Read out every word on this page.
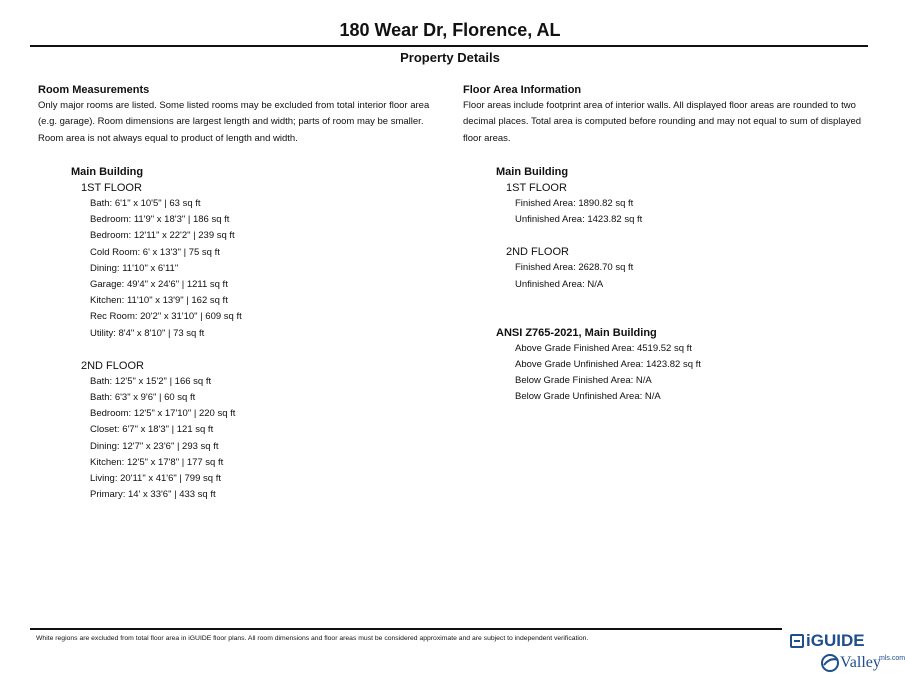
180 Wear Dr, Florence, AL
Property Details
Room Measurements
Only major rooms are listed. Some listed rooms may be excluded from total interior floor area
(e.g. garage). Room dimensions are largest length and width; parts of room may be smaller.
Room area is not always equal to product of length and width.
Main Building
1ST FLOOR
Bath: 6'1" x 10'5" | 63 sq ft
Bedroom: 11'9" x 18'3" | 186 sq ft
Bedroom: 12'11" x 22'2" | 239 sq ft
Cold Room: 6' x 13'3" | 75 sq ft
Dining: 11'10" x 6'11"
Garage: 49'4" x 24'6" | 1211 sq ft
Kitchen: 11'10" x 13'9" | 162 sq ft
Rec Room: 20'2" x 31'10" | 609 sq ft
Utility: 8'4" x 8'10" | 73 sq ft
2ND FLOOR
Bath: 12'5" x 15'2" | 166 sq ft
Bath: 6'3" x 9'6" | 60 sq ft
Bedroom: 12'5" x 17'10" | 220 sq ft
Closet: 6'7" x 18'3" | 121 sq ft
Dining: 12'7" x 23'6" | 293 sq ft
Kitchen: 12'5" x 17'8" | 177 sq ft
Living: 20'11" x 41'6" | 799 sq ft
Primary: 14' x 33'6" | 433 sq ft
Floor Area Information
Floor areas include footprint area of interior walls. All displayed floor areas are rounded to two
decimal places. Total area is computed before rounding and may not equal to sum of displayed
floor areas.
Main Building
1ST FLOOR
Finished Area: 1890.82 sq ft
Unfinished Area: 1423.82 sq ft
2ND FLOOR
Finished Area: 2628.70 sq ft
Unfinished Area: N/A
ANSI Z765-2021, Main Building
Above Grade Finished Area: 4519.52 sq ft
Above Grade Unfinished Area: 1423.82 sq ft
Below Grade Finished Area: N/A
Below Grade Unfinished Area: N/A
White regions are excluded from total floor area in iGUIDE floor plans. All room dimensions and floor areas must be considered approximate and are subject to independent verification.	iGUIDE
Valley
mls.com
